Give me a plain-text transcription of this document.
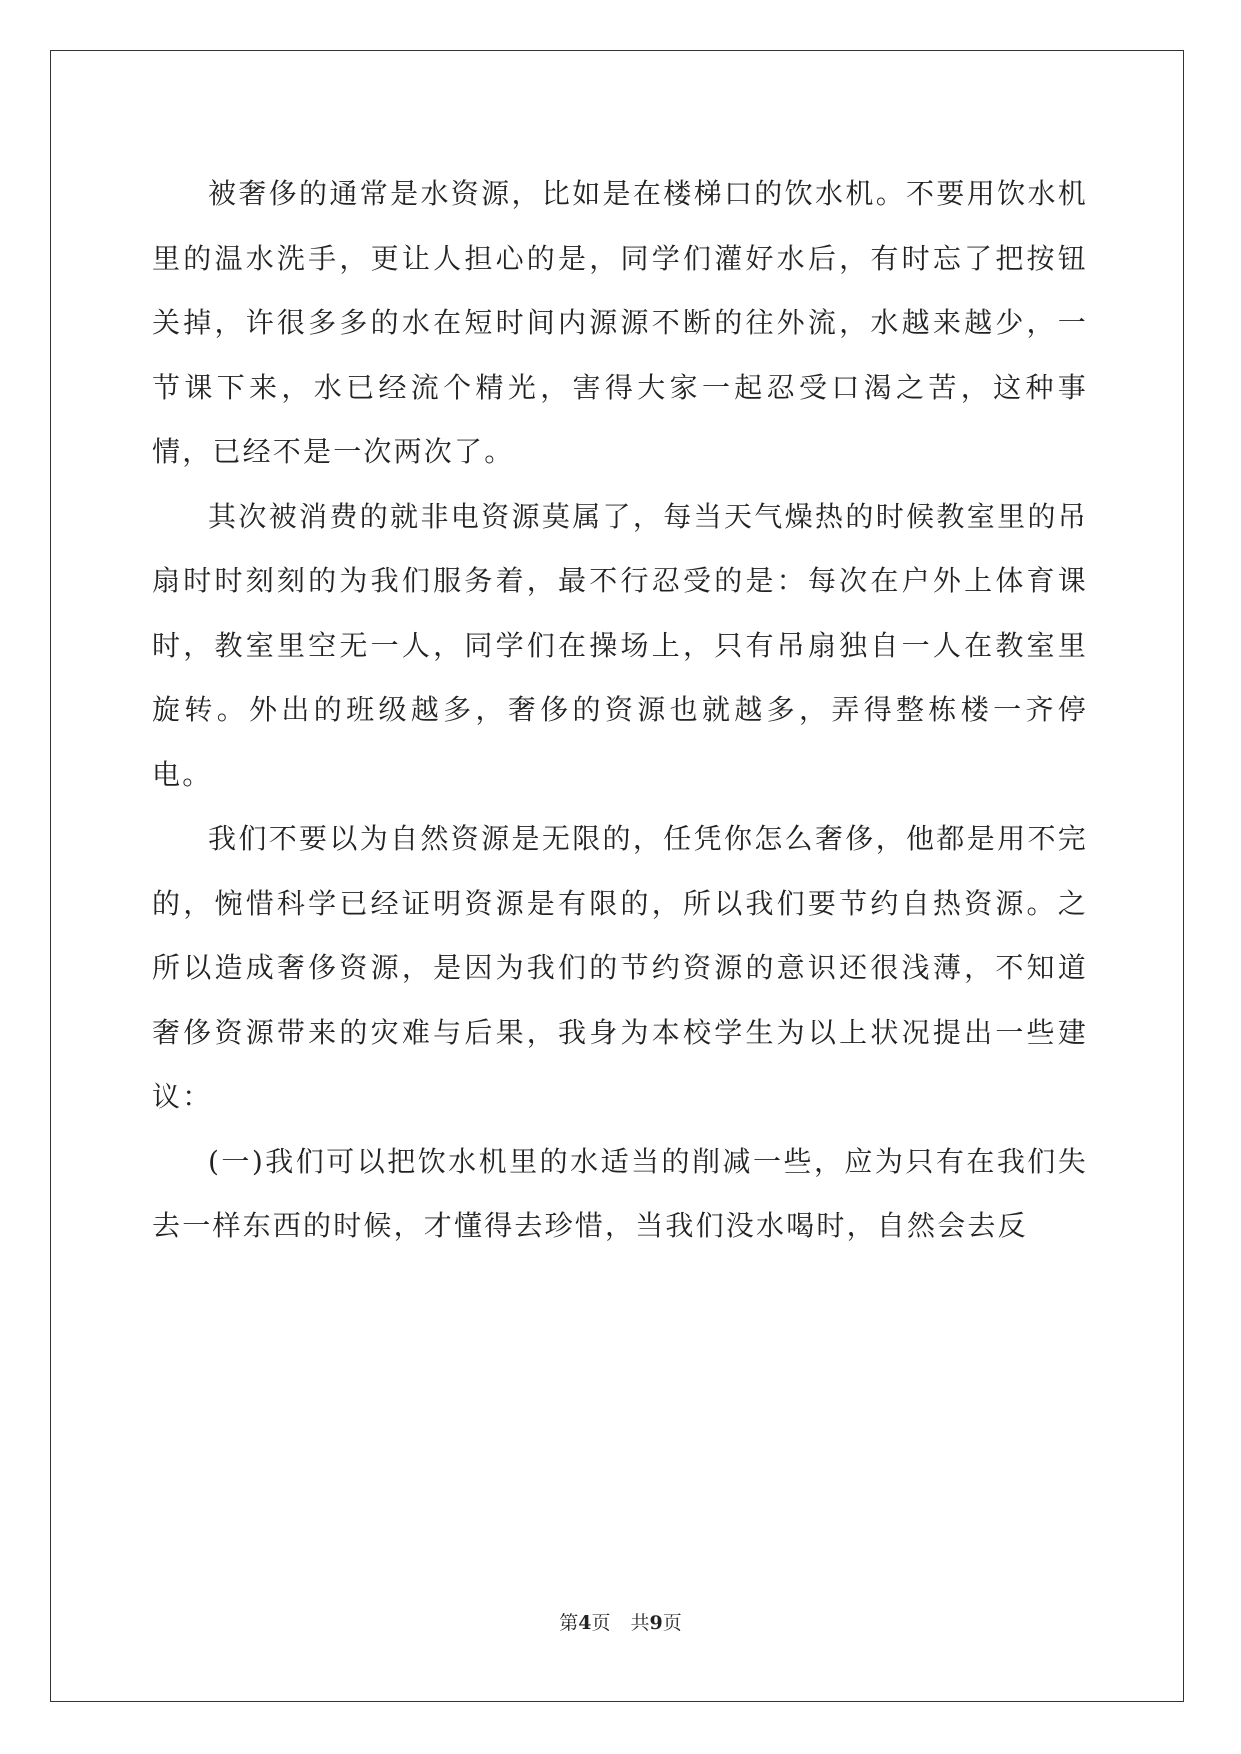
被奢侈的通常是水资源，比如是在楼梯口的饮水机。不要用饮水机里的温水洗手，更让人担心的是，同学们灌好水后，有时忘了把按钮关掉，许很多多的水在短时间内源源不断的往外流，水越来越少，一节课下来，水已经流个精光，害得大家一起忍受口渴之苦，这种事情，已经不是一次两次了。

其次被消费的就非电资源莫属了，每当天气燥热的时候教室里的吊扇时时刻刻的为我们服务着，最不行忍受的是：每次在户外上体育课时，教室里空无一人，同学们在操场上，只有吊扇独自一人在教室里旋转。外出的班级越多，奢侈的资源也就越多，弄得整栋楼一齐停电。

我们不要以为自然资源是无限的，任凭你怎么奢侈，他都是用不完的，惋惜科学已经证明资源是有限的，所以我们要节约自热资源。之所以造成奢侈资源，是因为我们的节约资源的意识还很浅薄，不知道奢侈资源带来的灾难与后果，我身为本校学生为以上状况提出一些建议：

(一)我们可以把饮水机里的水适当的削减一些，应为只有在我们失去一样东西的时候，才懂得去珍惜，当我们没水喝时，自然会去反

第4页 共9页
